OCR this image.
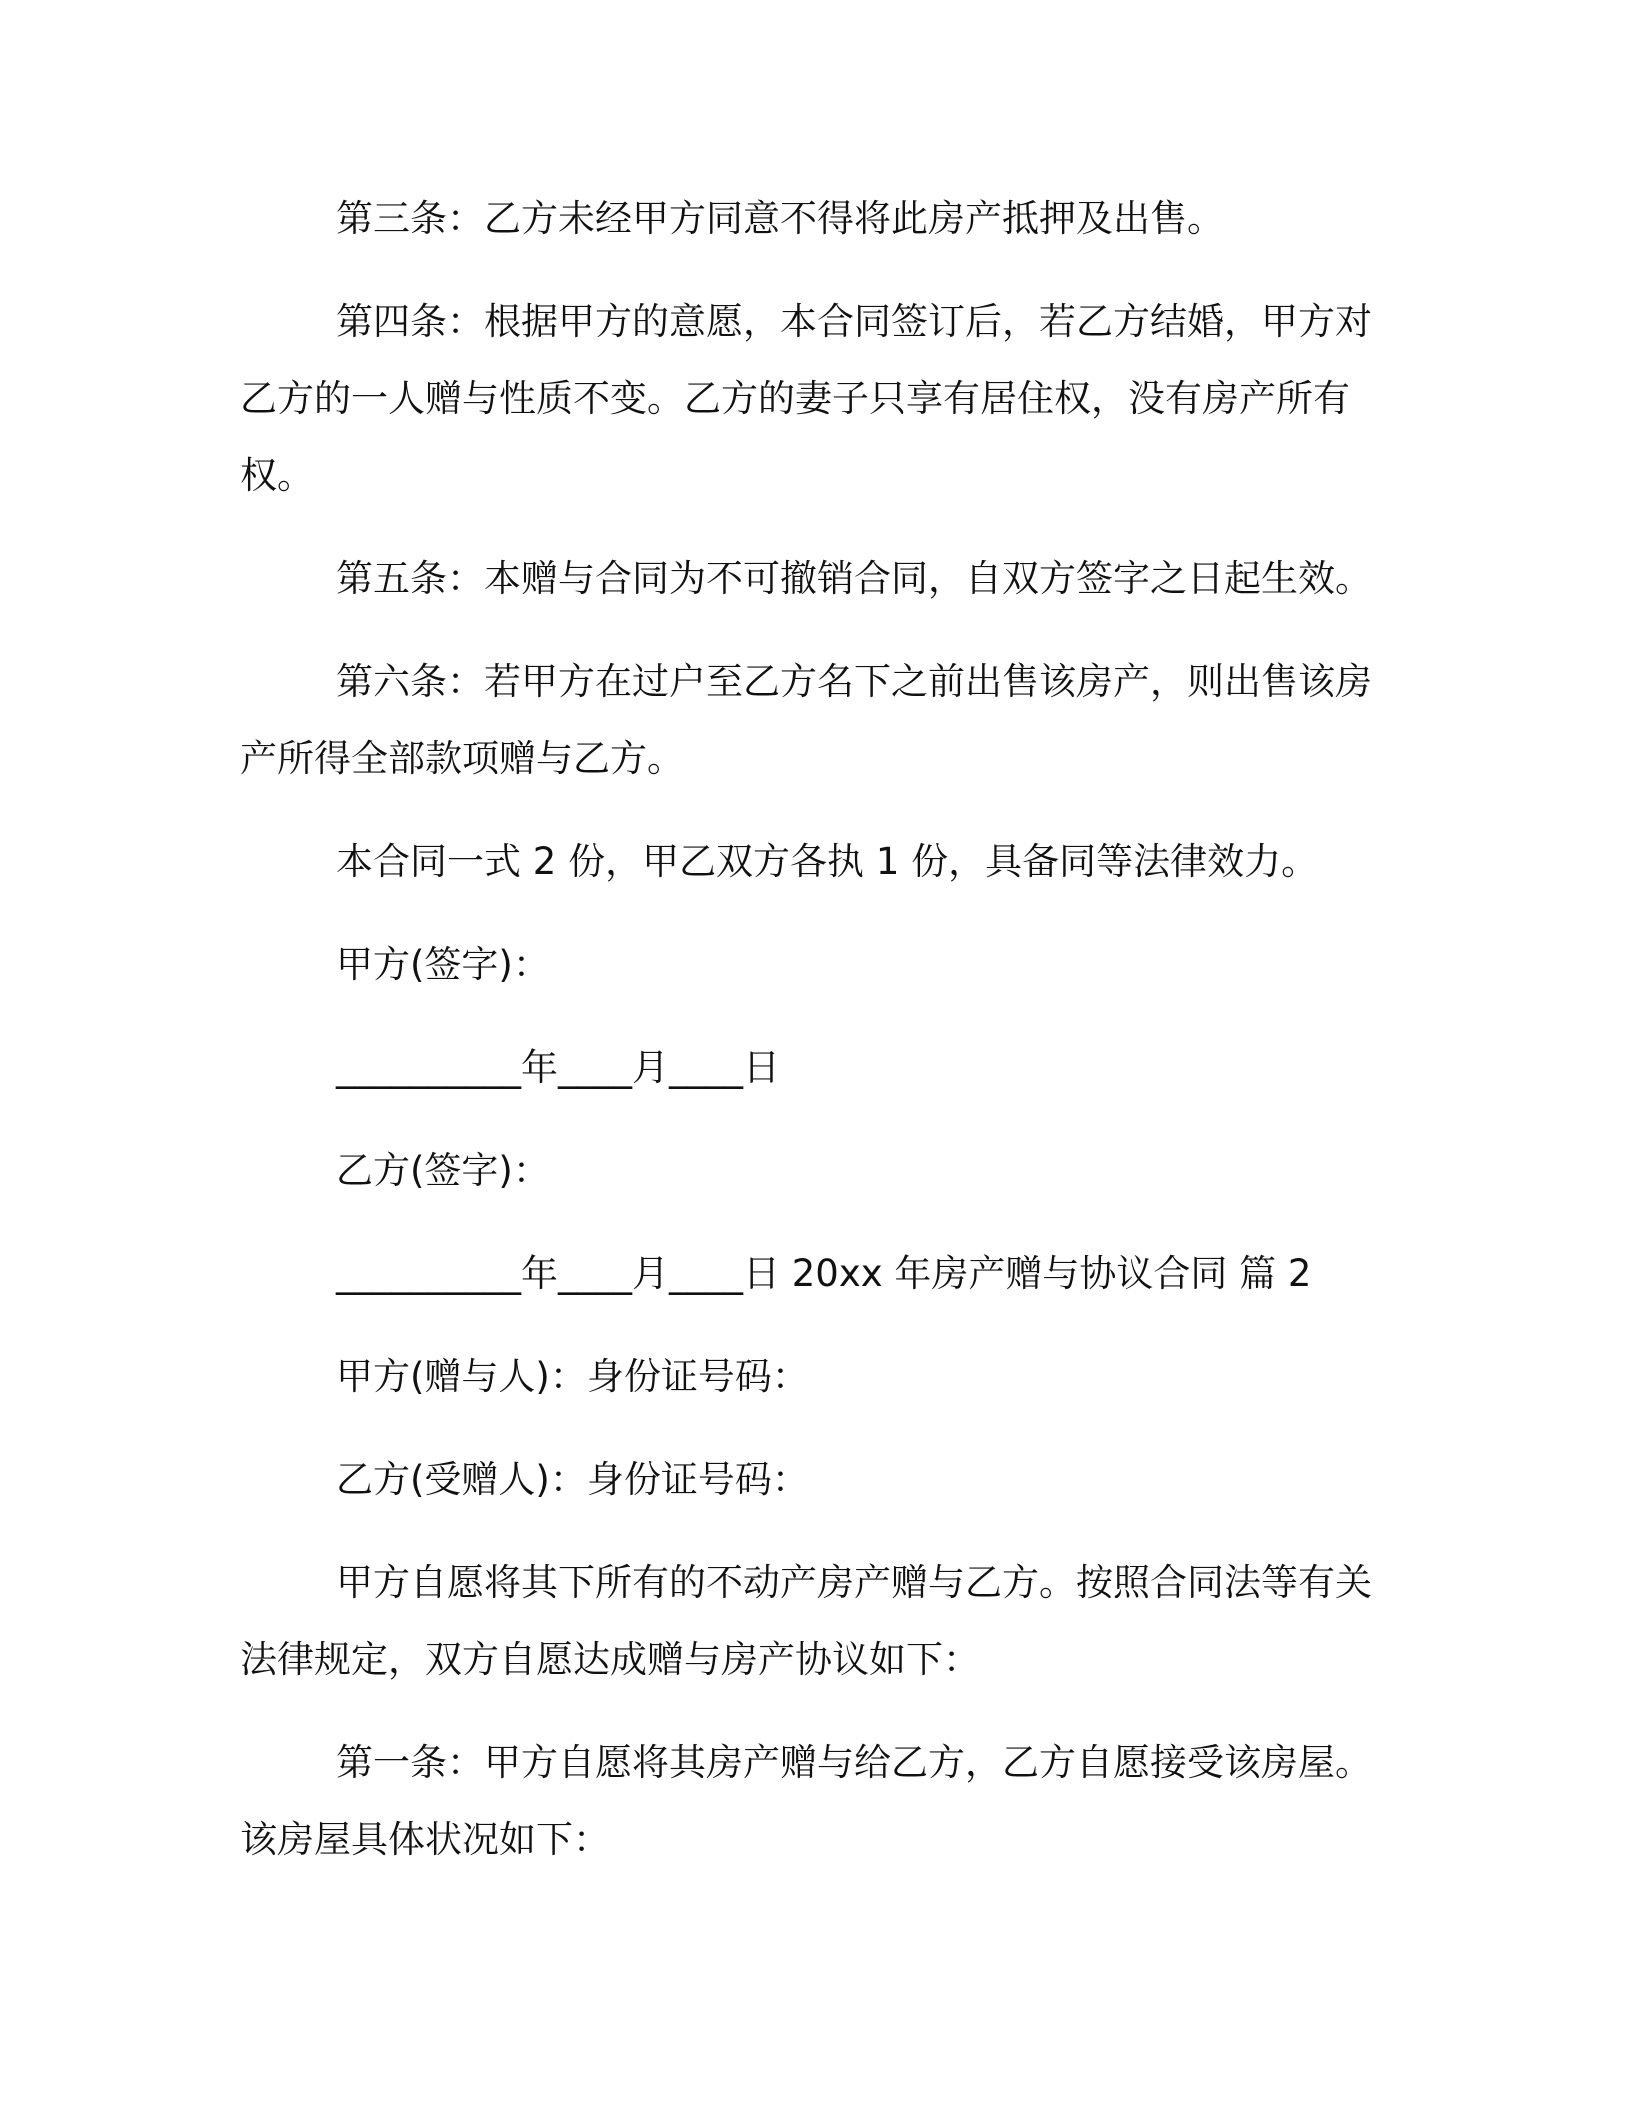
第三条：乙方未经甲方同意不得将此房产抵押及出售。

第四条：根据甲方的意愿，本合同签订后，若乙方结婚，甲方对乙方的一人赠与性质不变。乙方的妻子只享有居住权，没有房产所有权。

第五条：本赠与合同为不可撤销合同，自双方签字之日起生效。

第六条：若甲方在过户至乙方名下之前出售该房产，则出售该房产所得全部款项赠与乙方。

本合同一式 2 份，甲乙双方各执 1 份，具备同等法律效力。

甲方(签字)：

__________年____月____日

乙方(签字)：

__________年____月____日 20xx 年房产赠与协议合同 篇 2

甲方(赠与人)：身份证号码：

乙方(受赠人)：身份证号码：

甲方自愿将其下所有的不动产房产赠与乙方。按照合同法等有关法律规定，双方自愿达成赠与房产协议如下：

第一条：甲方自愿将其房产赠与给乙方，乙方自愿接受该房屋。该房屋具体状况如下：
